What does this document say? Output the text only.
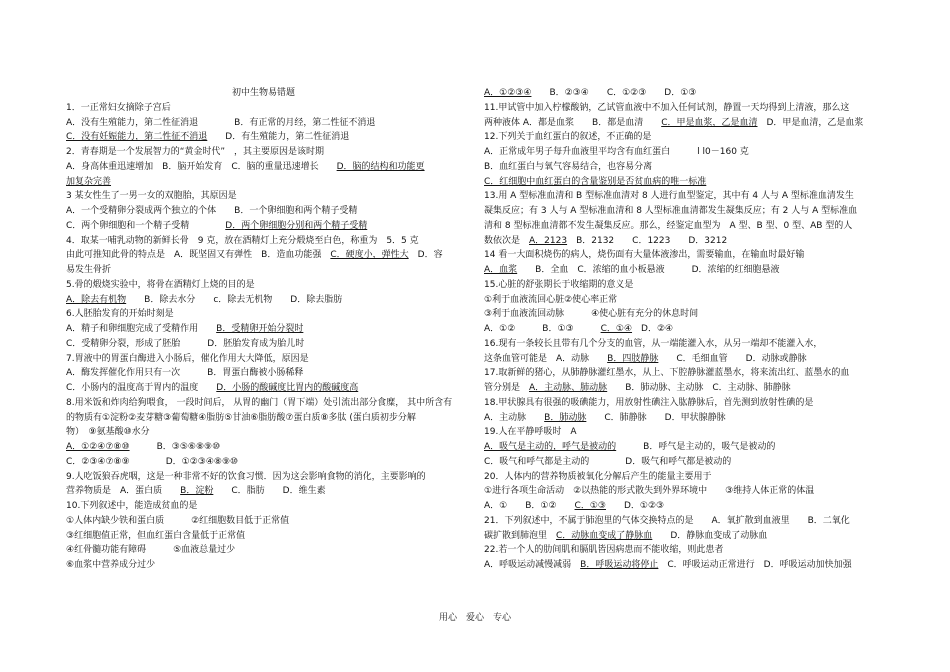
初中生物易错题
1．一正常妇女摘除子宫后
A．没有生殖能力，第二性征消退　　　　B．有正常的月经，第二性征不消退
C．没有妊娠能力，第二性征不消退　　D．有生殖能力，第二性征消退
2．青春期是一个发展智力的“黄金时代”　，其主要原因是该时期
A．身高体重迅速增加　B．脑开始发育　C．脑的重量迅速增长　　D．脑的结构和功能更
加复杂完善
3 某女性生了一男一女的双胞胎，其原因是
A．一个受精卵分裂成两个独立的个体　　B．一个卵细胞和两个精子受精
C．两个卵细胞和一个精子受精　　　　D．两个卵细胞分别和两个精子受精
4．取某一哺乳动物的新鲜长骨　9 克，放在酒精灯上充分煅烧至白色，称重为　5．5 克
由此可推知此骨的特点是　A．既坚固又有弹性　B．造血功能强　C．硬度小，弹性大　D．容
易发生骨折
5.骨的煅烧实验中，将骨在酒精灯上烧的目的是
A．除去有机物　　B．除去水分　　c．除去无机物　　D．除去脂肪
6.人胚胎发育的开始时刻是
A．精子和卵细胞完成了受精作用　　B．受精卵开始分裂时
C．受精卵分裂，形成了胚胎　　　D．胚胎发育成为胎儿时
7.胃液中的胃蛋白酶进入小肠后，催化作用大大降低，原因是
A．酶发挥催化作用只有一次　　　B．胃蛋白酶被小肠稀释
C．小肠内的温度高于胃内的温度　　D．小肠的酸碱度比胃内的酸碱度高
8.用米饭和炸肉给狗喂食， 一段时间后， 从胃的幽门（胃下端）处引流出部分食糜， 其中所含有
的物质有①淀粉②麦芽糖③葡萄糖④脂肪⑤甘油⑥脂肪酸⑦蛋白质⑧多肽 (蛋白质初步分解
物）　⑨氨基酸⑩水分
A．①②④⑦⑧⑩　　　B．③⑤⑥⑧⑨⑩
C．②③④⑦⑧⑨　　　　D．①②③④⑧⑨⑩
9.人吃饭狼吞虎咽，这是一种非常不好的饮食习惯．因为这会影响食物的消化，主要影响的
营养物质是　A．蛋白质　　B．淀粉　　C．脂肪　　D．维生素
10.下列叙述中，能造成贫血的是
①人体内缺少铁和蛋白质　　　②红细胞数目低于正常值
③红细胞值正常，但血红蛋白含量低于正常值
④红骨髓功能有障碍　　　⑤血液总量过少
⑥血浆中营养成分过少
A．①②③④　　B．②③④　　C．①②③　　D．①③
11.甲试管中加入柠檬酸钠，乙试管血液中不加入任何试剂，静置一天均得到上清液，那么这
两种液体 A．都是血浆　　B．都是血清　　C．甲是血浆，乙是血清　D．甲是血清，乙是血浆
12.下列关于血红蛋白的叙述，不正确的是
A．正常成年男子每升血液里平均含有血红蛋白　　　l l0－160 克
B．血红蛋白与氧气容易结合，也容易分离
C．红细胞中血红蛋白的含量鉴别是否贫血病的唯一标准
13.用 A 型标准血清和 B 型标准血清对 8 人进行血型鉴定，其中有 4 人与 A 型标准血清发生
凝集反应；有 3 人与 A 型标准血清和 8 人型标准血清都发生凝集反应；有 2 人与 A 型标准血
清和 8 型标准血清都不发生凝集反应。那么，经鉴定血型为　A 型、B 型、0 型、AB 型的人
数依次是　A．2123　B．2132　　C．1223　　D．3212
14 看一大面积烧伤的病人，烧伤面有大量体液渗出，需要输血，在输血时最好输
A．血浆　　B．全血　C．浓缩的血小板悬液　　　D．浓缩的红细胞悬液
15.心脏的舒张期长于收缩期的意义是
①利于血液流回心脏②使心率正常
③利于血液流回动脉　　　④使心脏有充分的休息时间
A．①②　　　B．①③　　　C．①④　D．②④
16.现有一条较长且带有几个分支的血管，从一端能灌入水，从另一端却不能灌入水，
这条血管可能是　A．动脉　　B．四肢静脉　　C．毛细血管　　D．动脉或静脉
17.取新鲜的猪心，从肺静脉灌红墨水，从上、下腔静脉灌蓝墨水，将来流出红、蓝墨水的血
管分别是　A．主动脉、肺动脉　　B．肺动脉、主动脉　C．主动脉、肺静脉
18.甲状腺具有很强的吸碘能力，用放射性碘注入肱静脉后，首先测到放射性碘的是
A．主动脉　　B．肺动脉　　C．肺静脉　　D．甲状腺静脉
19.人在平静呼吸时　A
A．吸气是主动的，呼气是被动的　　　B．呼气是主动的，吸气是被动的
C．吸气和呼气都是主动的　　　　D．吸气和呼气都是被动的
20．人体内的营养物质被氧化分解后产生的能量主要用于
①进行各项生命活动　②以热能的形式散失到外界环境中　　③维持人体正常的体温
A．①　　B．①②　　C．①③　　D．①②③
21．下列叙述中，不属于肺泡里的气体交换特点的是　　A．氧扩散到血液里　　B．二氧化
碳扩散到肺泡里　C．动脉血变成了静脉血　　D．静脉血变成了动脉血
22.若一个人的肋间肌和膈肌皆因病患而不能收缩，则此患者
A．呼吸运动减慢减弱　B．呼吸运动将停止　C．呼吸运动正常进行　D．呼吸运动加快加强
用心　爱心　专心
